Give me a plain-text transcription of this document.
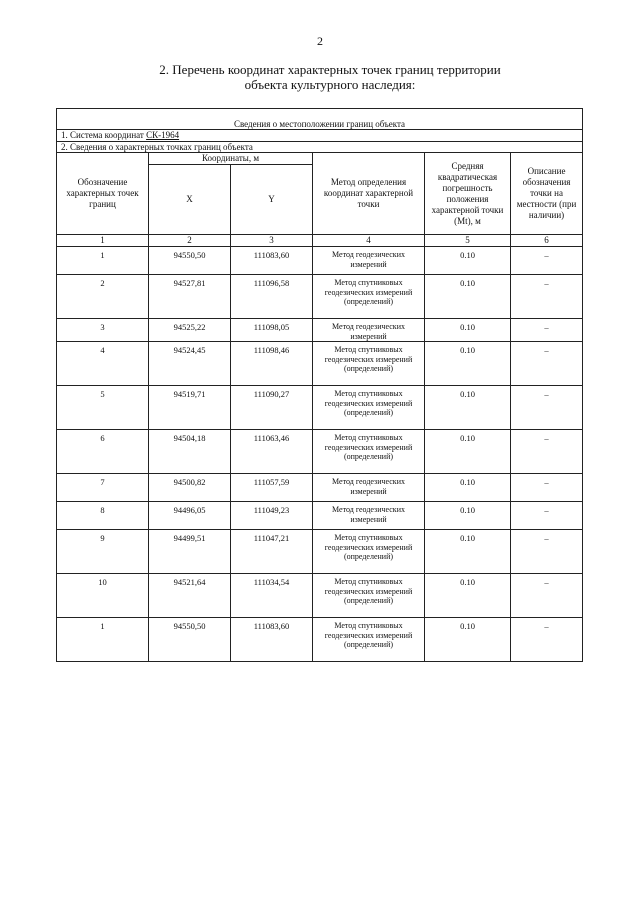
2
2. Перечень координат характерных точек границ территории
объекта культурного наследия:

Сведения о местоположении границ объекта					
1. Система координат СК-1964					
2. Сведения о характерных точках границ объекта					
Обозначение характерных точек границ	Координаты, м		Метод определения координат характерной точки	Средняя квадратическая погрешность положения характерной точки (Mt), м	Описание обозначения точки на местности (при наличии)
	X	Y			
1	2	3	4	5	6
1	94550,50	111083,60	Метод геодезических измерений	0.10	–
2	94527,81	111096,58	Метод спутниковых геодезических измерений (определений)	0.10	–
3	94525,22	111098,05	Метод геодезических измерений	0.10	–
4	94524,45	111098,46	Метод спутниковых геодезических измерений (определений)	0.10	–
5	94519,71	111090,27	Метод спутниковых геодезических измерений (определений)	0.10	–
6	94504,18	111063,46	Метод спутниковых геодезических измерений (определений)	0.10	–
7	94500,82	111057,59	Метод геодезических измерений	0.10	–
8	94496,05	111049,23	Метод геодезических измерений	0.10	–
9	94499,51	111047,21	Метод спутниковых геодезических измерений (определений)	0.10	–
10	94521,64	111034,54	Метод спутниковых геодезических измерений (определений)	0.10	–
1	94550,50	111083,60	Метод спутниковых геодезических измерений (определений)	0.10	–
